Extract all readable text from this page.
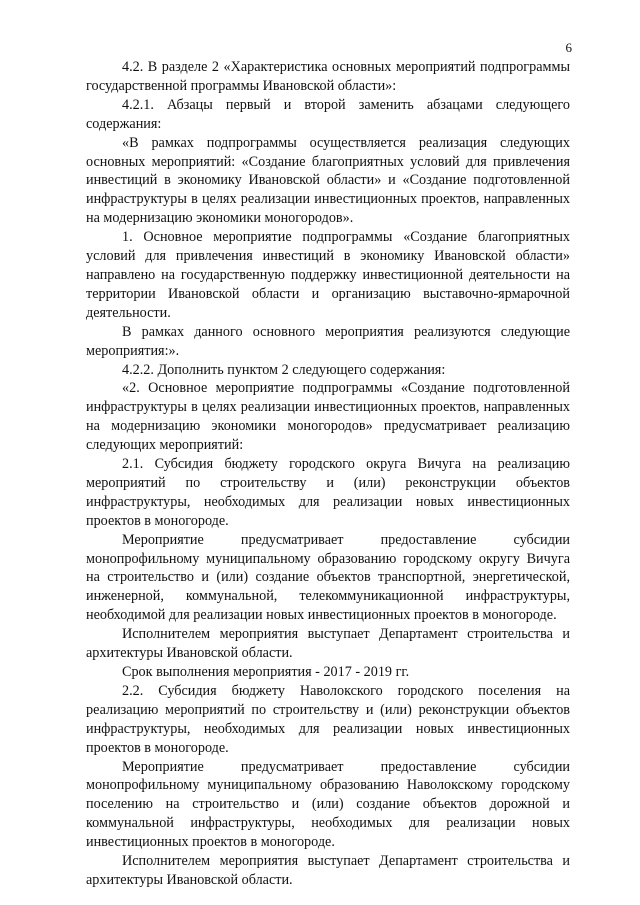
6

4.2. В разделе 2 «Характеристика основных мероприятий подпрограммы государственной программы Ивановской области»:

4.2.1. Абзацы первый и второй заменить абзацами следующего содержания:

«В рамках подпрограммы осуществляется реализация следующих основных мероприятий: «Создание благоприятных условий для привлечения инвестиций в экономику Ивановской области» и «Создание подготовленной инфраструктуры в целях реализации инвестиционных проектов, направленных на модернизацию экономики моногородов».

1. Основное мероприятие подпрограммы «Создание благоприятных условий для привлечения инвестиций в экономику Ивановской области» направлено на государственную поддержку инвестиционной деятельности на территории Ивановской области и организацию выставочно-ярмарочной деятельности.

В рамках данного основного мероприятия реализуются следующие мероприятия:».

4.2.2. Дополнить пунктом 2 следующего содержания:

«2. Основное мероприятие подпрограммы «Создание подготовленной инфраструктуры в целях реализации инвестиционных проектов, направленных на модернизацию экономики моногородов» предусматривает реализацию следующих мероприятий:

2.1. Субсидия бюджету городского округа Вичуга на реализацию мероприятий по строительству и (или) реконструкции объектов инфраструктуры, необходимых для реализации новых инвестиционных проектов в моногороде.

Мероприятие предусматривает предоставление субсидии монопрофильному муниципальному образованию городскому округу Вичуга на строительство и (или) создание объектов транспортной, энергетической, инженерной, коммунальной, телекоммуникационной инфраструктуры, необходимой для реализации новых инвестиционных проектов в моногороде.

Исполнителем мероприятия выступает Департамент строительства и архитектуры Ивановской области.

Срок выполнения мероприятия - 2017 - 2019 гг.

2.2. Субсидия бюджету Наволокского городского поселения на реализацию мероприятий по строительству и (или) реконструкции объектов инфраструктуры, необходимых для реализации новых инвестиционных проектов в моногороде.

Мероприятие предусматривает предоставление субсидии монопрофильному муниципальному образованию Наволокскому городскому поселению на строительство и (или) создание объектов дорожной и коммунальной инфраструктуры, необходимых для реализации новых инвестиционных проектов в моногороде.

Исполнителем мероприятия выступает Департамент строительства и архитектуры Ивановской области.
